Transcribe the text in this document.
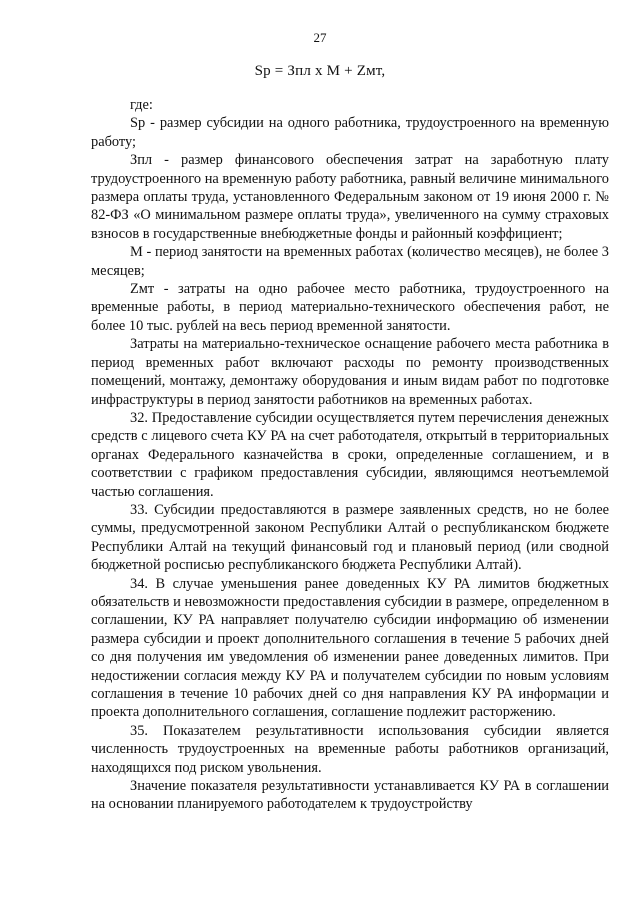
27
Sp = Зпл х M + Zмт,

где:

Sp - размер субсидии на одного работника, трудоустроенного на временную работу;

Зпл - размер финансового обеспечения затрат на заработную плату трудоустроенного на временную работу работника, равный величине минимального размера оплаты труда, установленного Федеральным законом от 19 июня 2000 г. № 82-ФЗ «О минимальном размере оплаты труда», увеличенного на сумму страховых взносов в государственные внебюджетные фонды и районный коэффициент;

M - период занятости на временных работах (количество месяцев), не более 3 месяцев;

Zмт - затраты на одно рабочее место работника, трудоустроенного на временные работы, в период материально-технического обеспечения работ, не более 10 тыс. рублей на весь период временной занятости.

Затраты на материально-техническое оснащение рабочего места работника в период временных работ включают расходы по ремонту производственных помещений, монтажу, демонтажу оборудования и иным видам работ по подготовке инфраструктуры в период занятости работников на временных работах.

32. Предоставление субсидии осуществляется путем перечисления денежных средств с лицевого счета КУ РА на счет работодателя, открытый в территориальных органах Федерального казначейства в сроки, определенные соглашением, и в соответствии с графиком предоставления субсидии, являющимся неотъемлемой частью соглашения.

33. Субсидии предоставляются в размере заявленных средств, но не более суммы, предусмотренной законом Республики Алтай о республиканском бюджете Республики Алтай на текущий финансовый год и плановый период (или сводной бюджетной росписью республиканского бюджета Республики Алтай).

34. В случае уменьшения ранее доведенных КУ РА лимитов бюджетных обязательств и невозможности предоставления субсидии в размере, определенном в соглашении, КУ РА направляет получателю субсидии информацию об изменении размера субсидии и проект дополнительного соглашения в течение 5 рабочих дней со дня получения им уведомления об изменении ранее доведенных лимитов. При недостижении согласия между КУ РА и получателем субсидии по новым условиям соглашения в течение 10 рабочих дней со дня направления КУ РА информации и проекта дополнительного соглашения, соглашение подлежит расторжению.

35. Показателем результативности использования субсидии является численность трудоустроенных на временные работы работников организаций, находящихся под риском увольнения.

Значение показателя результативности устанавливается КУ РА в соглашении на основании планируемого работодателем к трудоустройству
